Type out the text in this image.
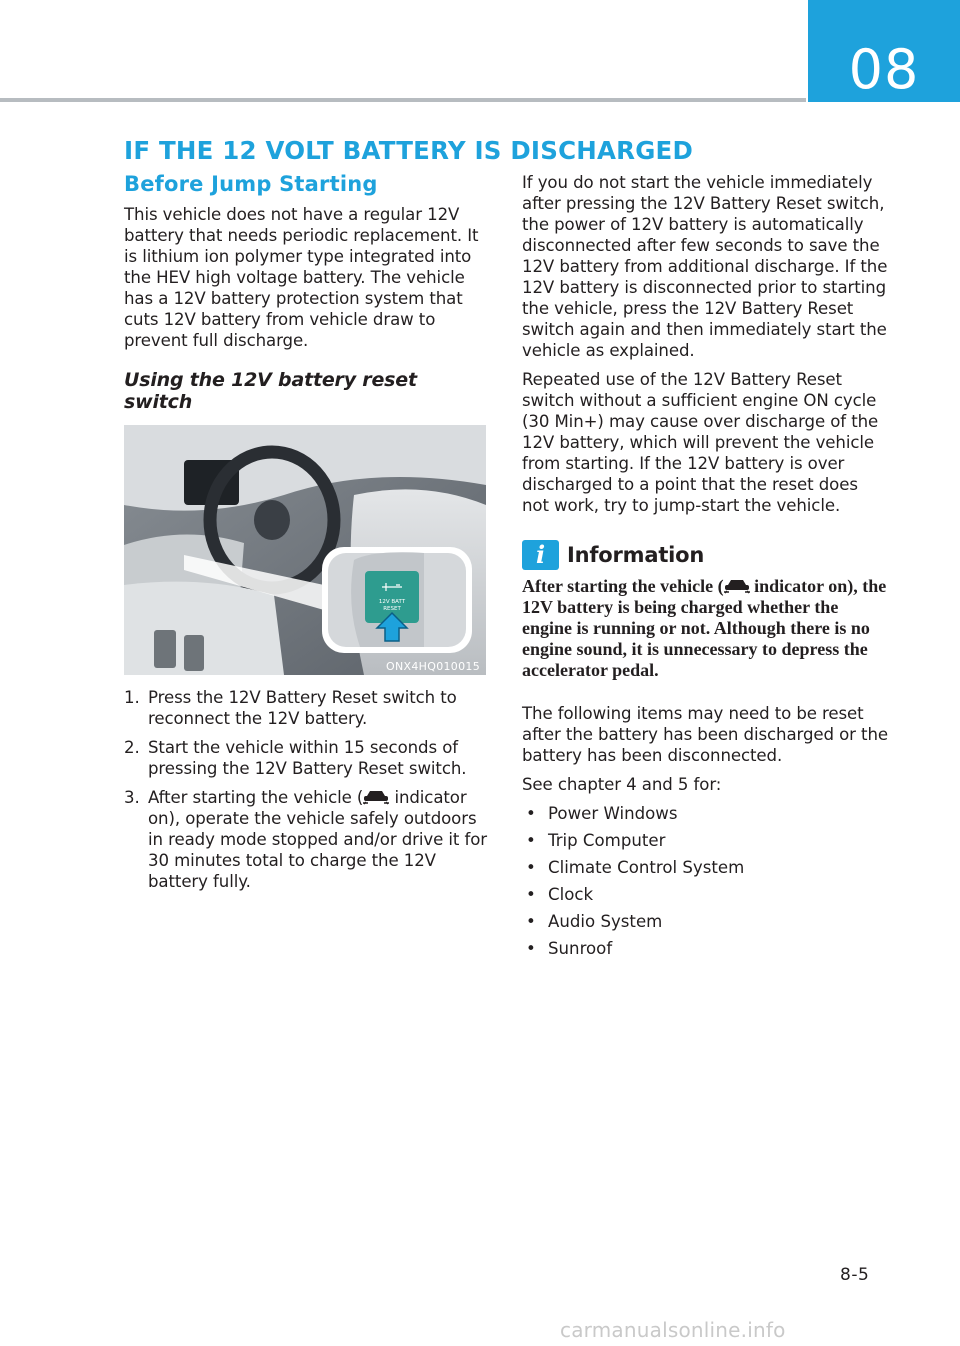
08
IF THE 12 VOLT BATTERY IS DISCHARGED
Before Jump Starting

This vehicle does not have a regular 12V battery that needs periodic replacement. It is lithium ion polymer type integrated into the HEV high voltage battery. The vehicle has a 12V battery protection system that cuts 12V battery from vehicle draw to prevent full discharge.

Using the 12V battery reset switch
12V BATT
RESET
ONX4HQ010015
1. Press the 12V Battery Reset switch to reconnect the 12V battery.
2. Start the vehicle within 15 seconds of pressing the 12V Battery Reset switch.
3. After starting the vehicle ( indicator on), operate the vehicle safely outdoors in ready mode stopped and/or drive it for 30 minutes total to charge the 12V battery fully.

If you do not start the vehicle immediately after pressing the 12V Battery Reset switch, the power of 12V battery is automatically disconnected after few seconds to save the 12V battery from additional discharge. If the 12V battery is disconnected prior to starting the vehicle, press the 12V Battery Reset switch again and then immediately start the vehicle as explained.

Repeated use of the 12V Battery Reset switch without a sufficient engine ON cycle (30 Min+) may cause over discharge of the 12V battery, which will prevent the vehicle from starting. If the 12V battery is over discharged to a point that the reset does not work, try to jump-start the vehicle.

i	Information

After starting the vehicle ( indicator on), the 12V battery is being charged whether the engine is running or not. Although there is no engine sound, it is unnecessary to depress the accelerator pedal.

The following items may need to be reset after the battery has been discharged or the battery has been disconnected.

See chapter 4 and 5 for:

• Power Windows
• Trip Computer
• Climate Control System
• Clock
• Audio System
• Sunroof
8-5
carmanualsonline.info
